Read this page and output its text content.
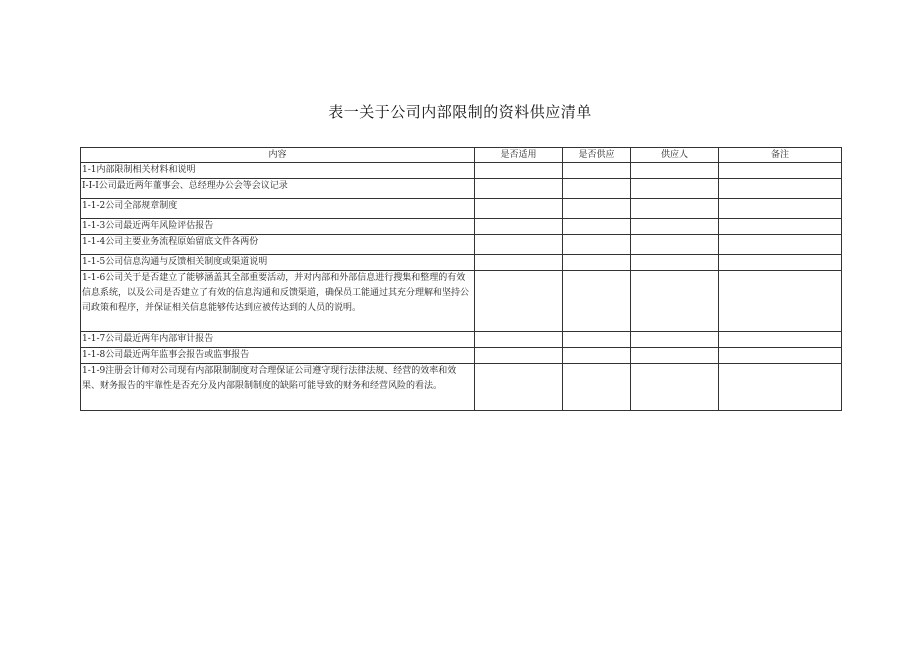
表一关于公司内部限制的资料供应清单
内容	是否适用	是否供应	供应人	备注
1-1内部限制相关材料和说明				
I-I-I公司最近两年董事会、总经理办公会等会议记录				
1-1-2公司全部规章制度				
1-1-3公司最近两年风险评估报告				
1-1-4公司主要业务流程原始留底文件各两份				
1-1-5公司信息沟通与反馈相关制度或渠道说明				
1-1-6公司关于是否建立了能够涵盖其全部重要活动，并对内部和外部信息进行搜集和整理的有效信息系统，以及公司是否建立了有效的信息沟通和反馈渠道，确保员工能通过其充分理解和坚持公司政策和程序，并保证相关信息能够传达到应被传达到的人员的说明。				
1-1-7公司最近两年内部审计报告				
1-1-8公司最近两年监事会报告或监事报告				
1-1-9注册会计师对公司现有内部限制制度对合理保证公司遵守现行法律法规、经营的效率和效果、财务报告的牢靠性是否充分及内部限制制度的缺陷可能导致的财务和经营风险的看法。				
